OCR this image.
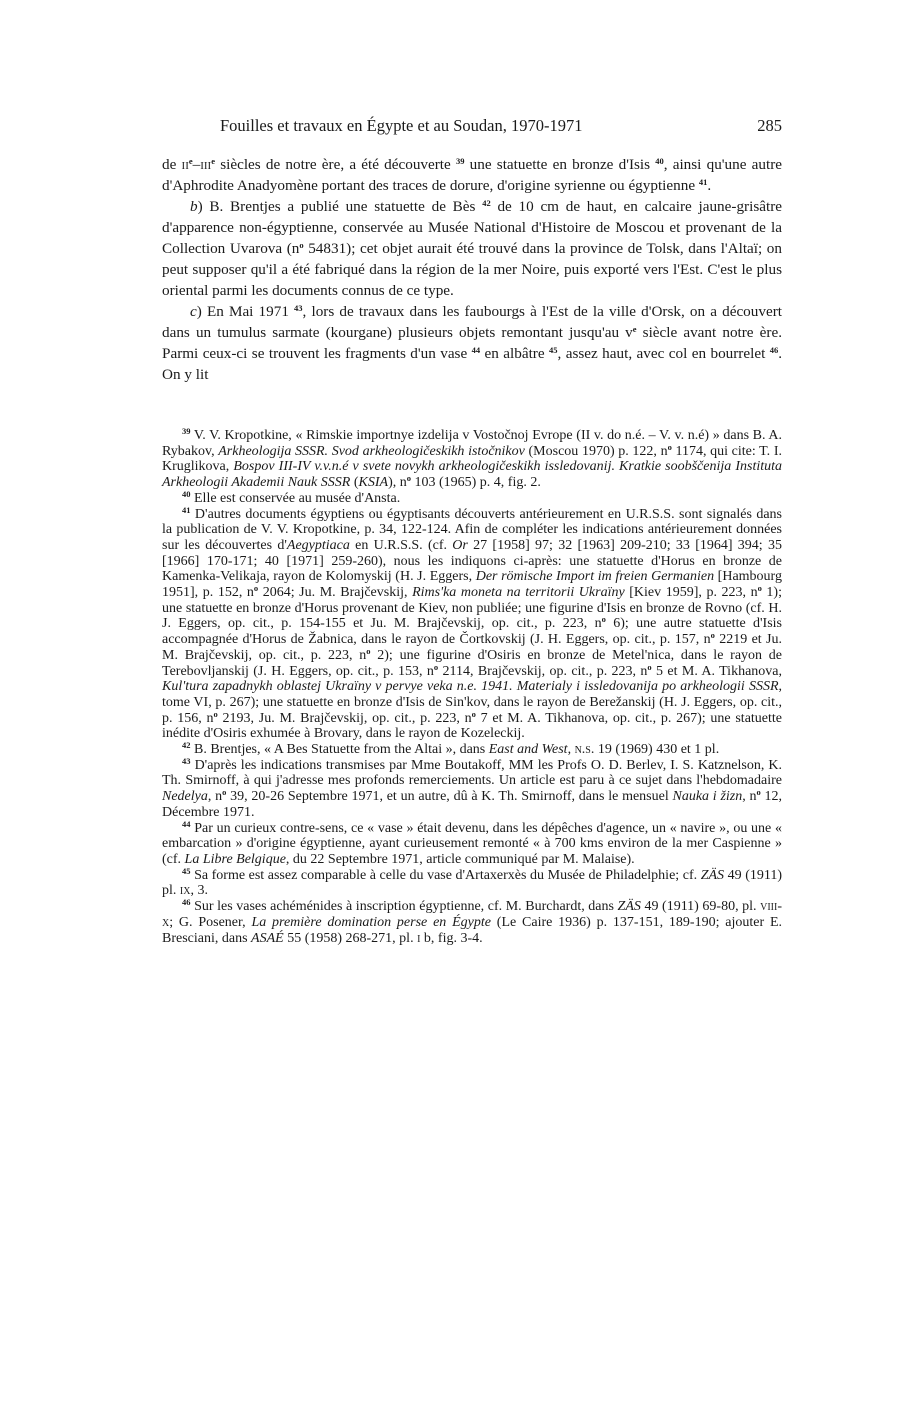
Fouilles et travaux en Égypte et au Soudan, 1970-1971	285

de $ii^e-iii^e$ siècles de notre ère, a été découverte $^{39}$ une statuette en bronze d'Isis $^{40}$, ainsi qu'une autre d'Aphrodite Anadyomène portant des traces de dorure, d'origine syrienne ou égyptienne $^{41}$.

b) B. Brentjes a publié une statuette de Bès $^{42}$ de 10 cm de haut, en calcaire jaune-grisâtre d'apparence non-égyptienne, conservée au Musée National d'Histoire de Moscou et provenant de la Collection Uvarova ($n^o$ 54831); cet objet aurait été trouvé dans la province de Tolsk, dans l'Altaï; on peut supposer qu'il a été fabriqué dans la région de la mer Noire, puis exporté vers l'Est. C'est le plus oriental parmi les documents connus de ce type.

c) En Mai 1971 $^{43}$, lors de travaux dans les faubourgs à l'Est de la ville d'Orsk, on a découvert dans un tumulus sarmate (kourgane) plusieurs objets remontant jusqu'au $v^e$ siècle avant notre ère. Parmi ceux-ci se trouvent les fragments d'un vase $^{44}$ en albâtre $^{45}$, assez haut, avec col en bourrelet $^{46}$. On y lit

$^{39}$ V. V. Kropotkine, « Rimskie importnye izdelija v Vostočnoj Evrope (II v. do n.é. – V. v. n.é) » dans B. A. Rybakov, Arkheologija SSSR. Svod arkheologičeskikh istočnikov (Moscou 1970) p. 122, $n^o$ 1174, qui cite: T. I. Kruglikova, Bospov III-IV v.v.n.é v svete novykh arkheologičeskikh issledovanij. Kratkie soobščenija Instituta Arkheologii Akademii Nauk SSSR (KSIA), $n^o$ 103 (1965) p. 4, fig. 2.

$^{40}$ Elle est conservée au musée d'Ansta.

$^{41}$ D'autres documents égyptiens ou égyptisants découverts antérieurement en U.R.S.S. sont signalés dans la publication de V. V. Kropotkine, p. 34, 122-124. Afin de compléter les indications antérieurement données sur les découvertes d'Aegyptiaca en U.R.S.S. (cf. Or 27 [1958] 97; 32 [1963] 209-210; 33 [1964] 394; 35 [1966] 170-171; 40 [1971] 259-260), nous les indiquons ci-après: une statuette d'Horus en bronze de Kamenka-Velikaja, rayon de Kolomyskij (H. J. Eggers, Der römische Import im freien Germanien [Hambourg 1951], p. 152, $n^o$ 2064; Ju. M. Brajčevskij, Rims'ka moneta na territorii Ukraïny [Kiev 1959], p. 223, $n^o$ 1); une statuette en bronze d'Horus provenant de Kiev, non publiée; une figurine d'Isis en bronze de Rovno (cf. H. J. Eggers, op. cit., p. 154-155 et Ju. M. Brajčevskij, op. cit., p. 223, $n^o$ 6); une autre statuette d'Isis accompagnée d'Horus de Žabnica, dans le rayon de Čortkovskij (J. H. Eggers, op. cit., p. 157, $n^o$ 2219 et Ju. M. Brajčevskij, op. cit., p. 223, $n^o$ 2); une figurine d'Osiris en bronze de Metel'nica, dans le rayon de Terebovljanskij (J. H. Eggers, op. cit., p. 153, $n^o$ 2114, Brajčevskij, op. cit., p. 223, $n^o$ 5 et M. A. Tikhanova, Kul'tura zapadnykh oblastej Ukraïny v pervye veka n.e. 1941. Materialy i issledovanija po arkheologii SSSR, tome VI, p. 267); une statuette en bronze d'Isis de Sin'kov, dans le rayon de Berežanskij (H. J. Eggers, op. cit., p. 156, $n^o$ 2193, Ju. M. Brajčevskij, op. cit., p. 223, $n^o$ 7 et M. A. Tikhanova, op. cit., p. 267); une statuette inédite d'Osiris exhumée à Brovary, dans le rayon de Kozeleckij.

$^{42}$ B. Brentjes, « A Bes Statuette from the Altai », dans East and West, n.s. 19 (1969) 430 et 1 pl.

$^{43}$ D'après les indications transmises par Mme Boutakoff, MM les Profs O. D. Berlev, I. S. Katznelson, K. Th. Smirnoff, à qui j'adresse mes profonds remerciements. Un article est paru à ce sujet dans l'hebdomadaire Nedelya, $n^o$ 39, 20-26 Septembre 1971, et un autre, dû à K. Th. Smirnoff, dans le mensuel Nauka i žizn, $n^o$ 12, Décembre 1971.

$^{44}$ Par un curieux contre-sens, ce « vase » était devenu, dans les dépêches d'agence, un « navire », ou une « embarcation » d'origine égyptienne, ayant curieusement remonté « à 700 kms environ de la mer Caspienne » (cf. La Libre Belgique, du 22 Septembre 1971, article communiqué par M. Malaise).

$^{45}$ Sa forme est assez comparable à celle du vase d'Artaxerxès du Musée de Philadelphie; cf. ZÄS 49 (1911) pl. ix, 3.

$^{46}$ Sur les vases achéménides à inscription égyptienne, cf. M. Burchardt, dans ZÄS 49 (1911) 69-80, pl. viii-x; G. Posener, La première domination perse en Égypte (Le Caire 1936) p. 137-151, 189-190; ajouter E. Bresciani, dans ASAÉ 55 (1958) 268-271, pl. i b, fig. 3-4.
